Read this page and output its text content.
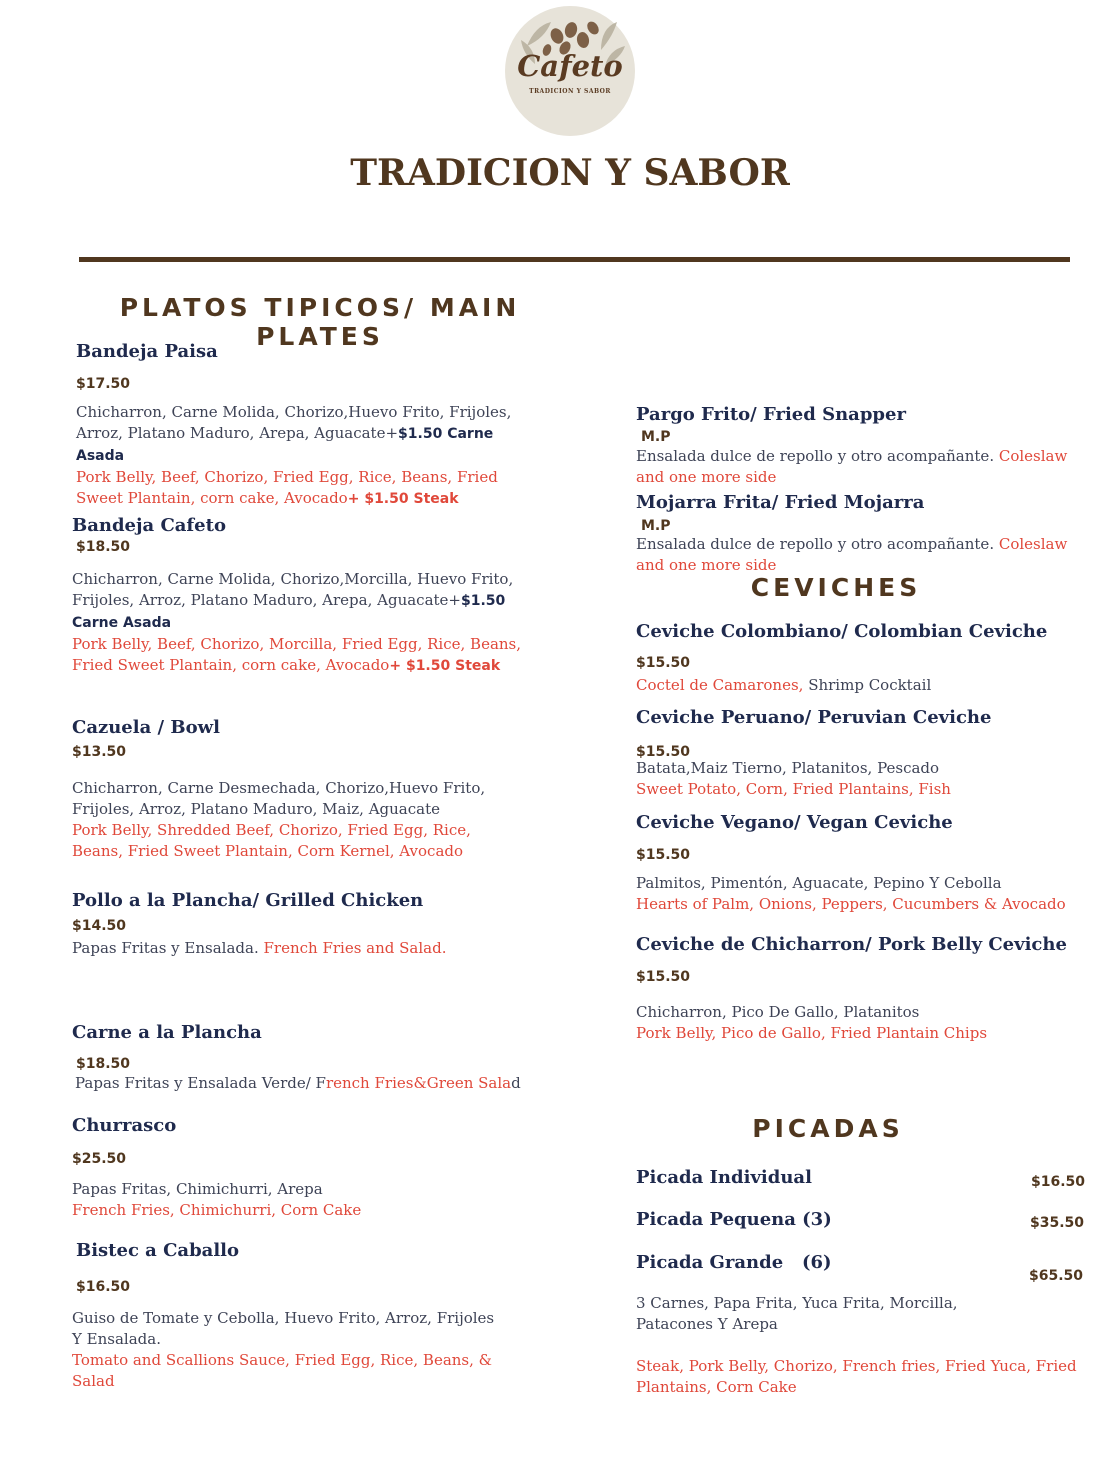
Cafeto
TRADICION Y SABOR
TRADICION Y SABOR
PLATOS TIPICOS/ MAIN PLATES
Bandeja Paisa
$17.50
Chicharron, Carne Molida, Chorizo,Huevo Frito, Frijoles, Arroz, Platano Maduro, Arepa, Aguacate+$1.50 Carne Asada
Pork Belly, Beef, Chorizo, Fried Egg, Rice, Beans, Fried Sweet Plantain, corn cake, Avocado+ $1.50 Steak
Bandeja Cafeto
$18.50
Chicharron, Carne Molida, Chorizo,Morcilla, Huevo Frito, Frijoles, Arroz, Platano Maduro, Arepa, Aguacate+$1.50 Carne Asada
Pork Belly, Beef, Chorizo, Morcilla, Fried Egg, Rice, Beans, Fried Sweet Plantain, corn cake, Avocado+ $1.50 Steak
Cazuela / Bowl
$13.50
Chicharron, Carne Desmechada, Chorizo,Huevo Frito, Frijoles, Arroz, Platano Maduro, Maiz, Aguacate
Pork Belly, Shredded Beef, Chorizo, Fried Egg, Rice, Beans, Fried Sweet Plantain, Corn Kernel, Avocado
Pollo a la Plancha/ Grilled Chicken
$14.50
Papas Fritas y Ensalada. French Fries and Salad.
Carne a la Plancha
$18.50
Papas Fritas y Ensalada Verde/ French Fries&Green Salad
Churrasco
$25.50
Papas Fritas, Chimichurri, Arepa
French Fries, Chimichurri, Corn Cake
Bistec a Caballo
$16.50
Guiso de Tomate y Cebolla, Huevo Frito, Arroz, Frijoles
Y Ensalada.
Tomato and Scallions Sauce, Fried Egg, Rice, Beans, & Salad
Pargo Frito/ Fried Snapper
M.P
Ensalada dulce de repollo y otro acompañante. Coleslaw and one more side
Mojarra Frita/ Fried Mojarra
M.P
Ensalada dulce de repollo y otro acompañante. Coleslaw and one more side
CEVICHES
Ceviche Colombiano/ Colombian Ceviche
$15.50
Coctel de Camarones, Shrimp Cocktail
Ceviche Peruano/ Peruvian Ceviche
$15.50
Batata,Maiz Tierno, Platanitos, Pescado
Sweet Potato, Corn, Fried Plantains, Fish
Ceviche Vegano/ Vegan Ceviche
$15.50
Palmitos, Pimentón, Aguacate, Pepino Y Cebolla
Hearts of Palm, Onions, Peppers, Cucumbers & Avocado
Ceviche de Chicharron/ Pork Belly Ceviche
$15.50
Chicharron, Pico De Gallo, Platanitos
Pork Belly, Pico de Gallo, Fried Plantain Chips
PICADAS
Picada Individual	$16.50
Picada Pequena (3)	$35.50
Picada Grande   (6)
$65.50
3 Carnes, Papa Frita, Yuca Frita, Morcilla, Patacones Y Arepa
Steak, Pork Belly, Chorizo, French fries, Fried Yuca, Fried Plantains, Corn Cake
